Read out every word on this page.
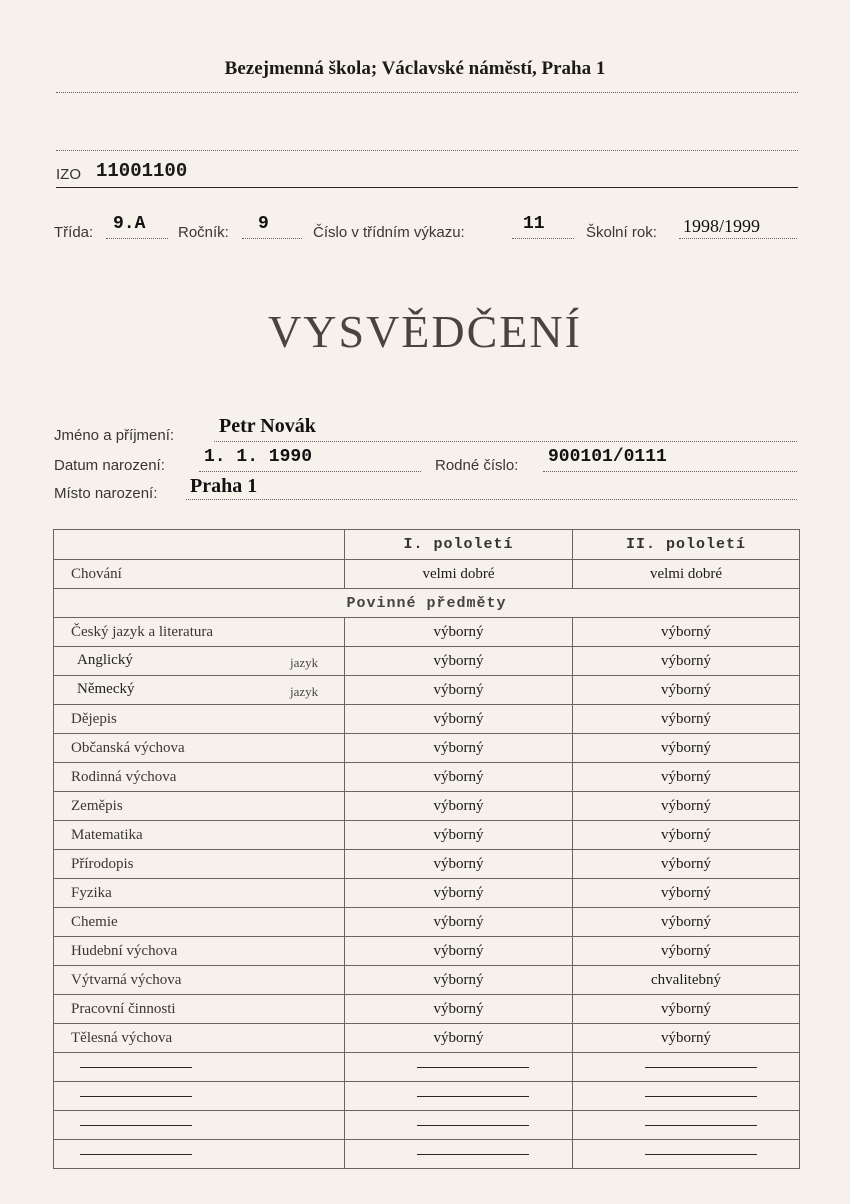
Bezejmenná škola; Václavské náměstí, Praha 1
IZO 11001100
Třída: 9.A Ročník: 9	Číslo v třídním výkazu:	11	Školní rok: 1998/1999
VYSVĚDČENÍ
Jméno a příjmení: Petr Novák
Datum narození: 1. 1. 1990	Rodné číslo: 900101/0111
Místo narození: Praha 1
	I. pololetí	II. pololetí
Chování	velmi dobré	velmi dobré
Povinné předměty		
Český jazyk a literatura	výborný	výborný

Anglický jazyk	výborný	výborný

Německý jazyk	výborný	výborný
Dějepis	výborný	výborný
Občanská výchova	výborný	výborný
Rodinná výchova	výborný	výborný
Zeměpis	výborný	výborný
Matematika	výborný	výborný
Přírodopis	výborný	výborný
Fyzika	výborný	výborný
Chemie	výborný	výborný
Hudební výchova	výborný	výborný
Výtvarná výchova	výborný	chvalitebný
Pracovní činnosti	výborný	výborný
Tělesná výchova	výborný	výborný
